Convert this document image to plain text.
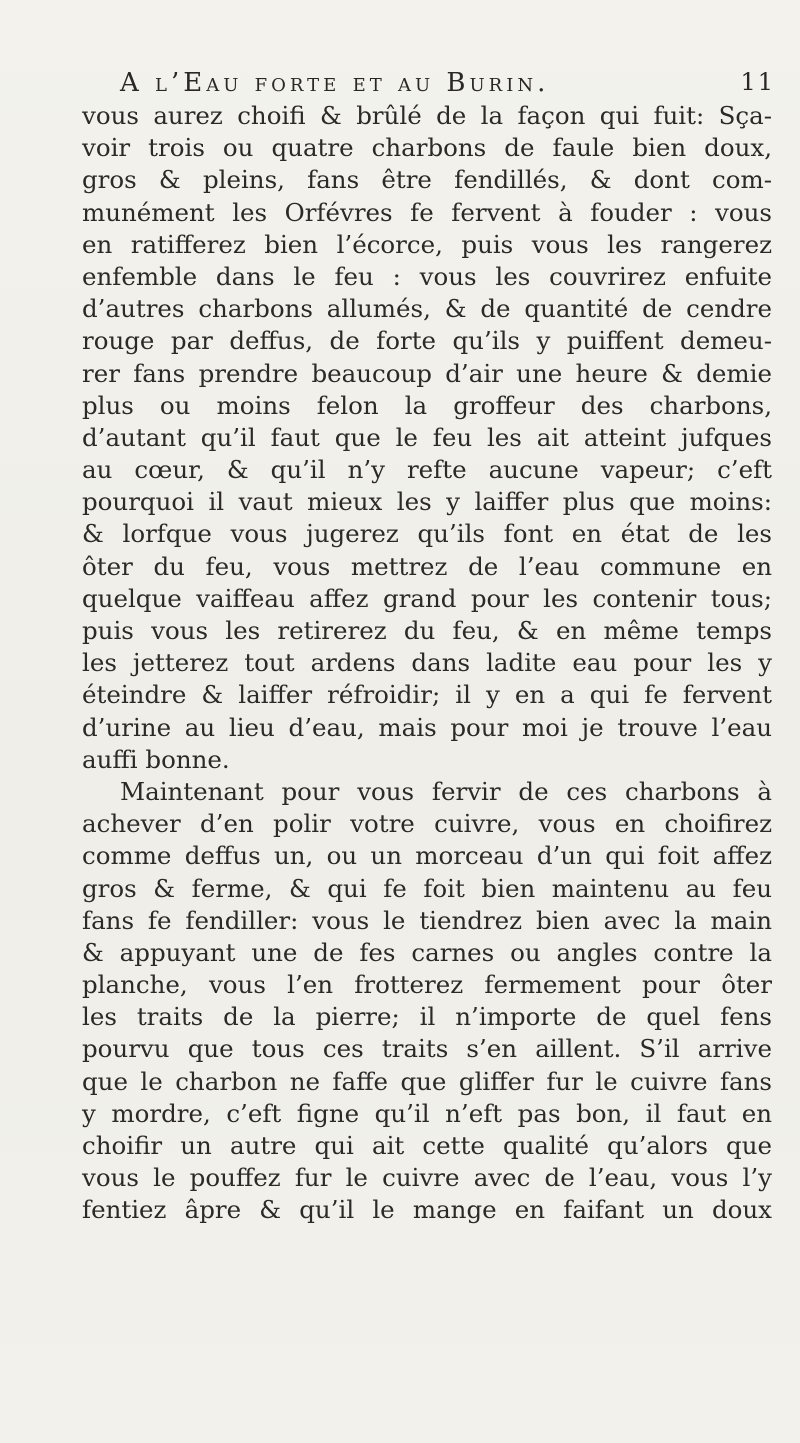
A l’Eau forte et au Burin.	11
vous aurez choifi & brûlé de la façon qui fuit: Sça-
voir trois ou quatre charbons de faule bien doux,
gros & pleins, fans être fendillés, & dont com-
munément les Orfévres fe fervent à fouder : vous
en ratifferez bien l’écorce, puis vous les rangerez
enfemble dans le feu : vous les couvrirez enfuite
d’autres charbons allumés, & de quantité de cendre
rouge par deffus, de forte qu’ils y puiffent demeu-
rer fans prendre beaucoup d’air une heure & demie
plus ou moins felon la groffeur des charbons,
d’autant qu’il faut que le feu les ait atteint jufques
au cœur, & qu’il n’y refte aucune vapeur; c’eft
pourquoi il vaut mieux les y laiffer plus que moins:
& lorfque vous jugerez qu’ils font en état de les
ôter du feu, vous mettrez de l’eau commune en
quelque vaiffeau affez grand pour les contenir tous;
puis vous les retirerez du feu, & en même temps
les jetterez tout ardens dans ladite eau pour les y
éteindre & laiffer réfroidir; il y en a qui fe fervent
d’urine au lieu d’eau, mais pour moi je trouve l’eau
auffi bonne.
Maintenant pour vous fervir de ces charbons à
achever d’en polir votre cuivre, vous en choifirez
comme deffus un, ou un morceau d’un qui foit affez
gros & ferme, & qui fe foit bien maintenu au feu
fans fe fendiller: vous le tiendrez bien avec la main
& appuyant une de fes carnes ou angles contre la
planche, vous l’en frotterez fermement pour ôter
les traits de la pierre; il n’importe de quel fens
pourvu que tous ces traits s’en aillent. S’il arrive
que le charbon ne faffe que gliffer fur le cuivre fans
y mordre, c’eft figne qu’il n’eft pas bon, il faut en
choifir un autre qui ait cette qualité qu’alors que
vous le pouffez fur le cuivre avec de l’eau, vous l’y
fentiez âpre & qu’il le mange en faifant un doux
